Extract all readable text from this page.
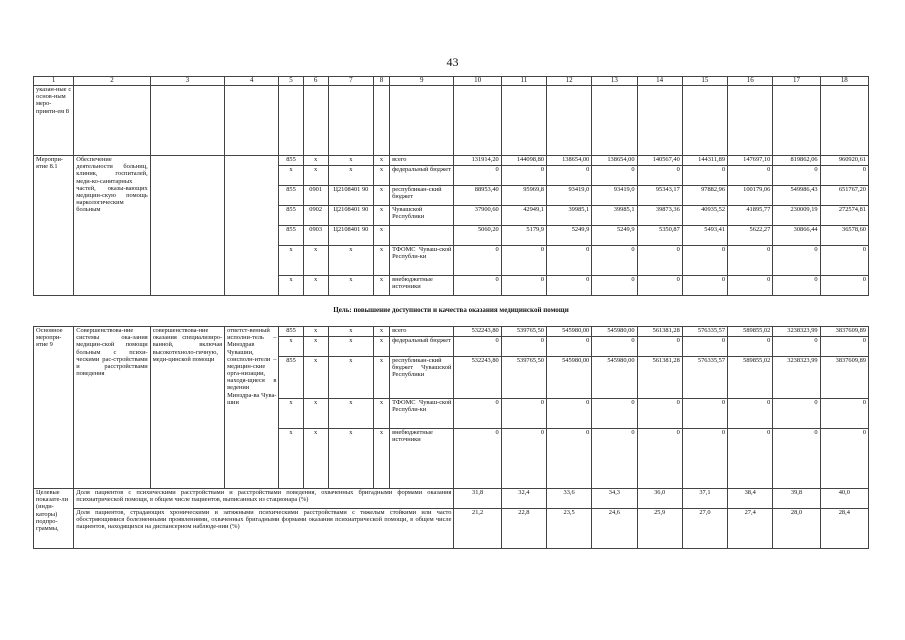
43
1	2	3	4	5	6	7	8	9	10	11	12	13	14	15	16	17	18
указан-ные с основ-ным меро-прияти-ем 8																	
Меропри-ятие 8.1	Обеспечение деятельности больниц, клиник, госпиталей, меди-ко-санитарных частей, оказы-вающих медицин-скую помощь наркологическим больным			855	x	x	x	всего	131914,20	144098,80	138654,00	138654,00	140567,40	144311,89	147697,10	819862,06	960920,61
				x	x	x	x	федеральный бюджет	0	0	0	0	0	0	0	0	0
				855	0901	Ц2108401 90	x	республикан-ский бюджет	88953,40	95969,8	93419,0	93419,0	95343,17	97882,96	100179,06	549986,43	651767,20
				855	0902	Ц2108401 90	x	Чувашской Республики	37900,60	42949,1	39985,1	39985,1	39873,36	40935,52	41895,77	230009,19	272574,81
				855	0903	Ц2108401 90	x		5060,20	5179,9	5249,9	5249,9	5350,87	5493,41	5622,27	30866,44	36578,60
				x	x	x	x	ТФОМС Чуваш-ской Республи-ки	0	0	0	0	0	0	0	0	0
				x	x	x	x	внебюджетные источники	0	0	0	0	0	0	0	0	0
Цель: повышение доступности и качества оказания медицинской помощи																	
Основное меропри-ятие 9	Совершенствова-ние системы ока-зания медицин-ской помощи больным с психи-ческими рас-стройствами и расстройствами поведения	совершенствова-ние оказания специализиро-ванной, включая высокотехноло-гичную, меди-цинской помощи	ответст-венный исполни-тель – Минздрав Чувашии, соисполн-ители – медицин-ские орга-низации, находя-щиеся в ведении Минздра-ва Чува-шии	855	x	x	x	всего	532243,80	539765,50	545980,00	545980,00	561381,28	576335,57	589855,02	3238323,99	3837609,89
				x	x	x	x	федеральный бюджет	0	0	0	0	0	0	0	0	0
				855	x	x	x	республикан-ский бюджет Чувашской Республики	532243,80	539765,50	545980,00	545980,00	561381,28	576335,57	589855,02	3238323,99	3837609,89
				x	x	x	x	ТФОМС Чуваш-ской Республи-ки	0	0	0	0	0	0	0	0	0
				x	x	x	x	внебюджетные источники	0	0	0	0	0	0	0	0	0
Целевые показате-ли (инди-каторы) подпро-граммы,	Доля пациентов с психическими расстройствами и расстройствами поведения, охваченных бригадными формами оказания психиатрической помощи, в общем числе пациентов, выписанных из стационара (%)								31,8	32,4	33,6	34,3	36,0	37,1	38,4	39,8	40,0
	Доля пациентов, страдающих хроническими и затяжными психическими расстройствами с тяжелым стойкими или часто обостряющимися болезненными проявлениями, охваченных бригадными формами оказания психиатрической помощи, в общем числе пациентов, находящихся на диспансерном наблюде-нии (%)								21,2	22,8	23,5	24,6	25,9	27,0	27,4	28,0	28,4
